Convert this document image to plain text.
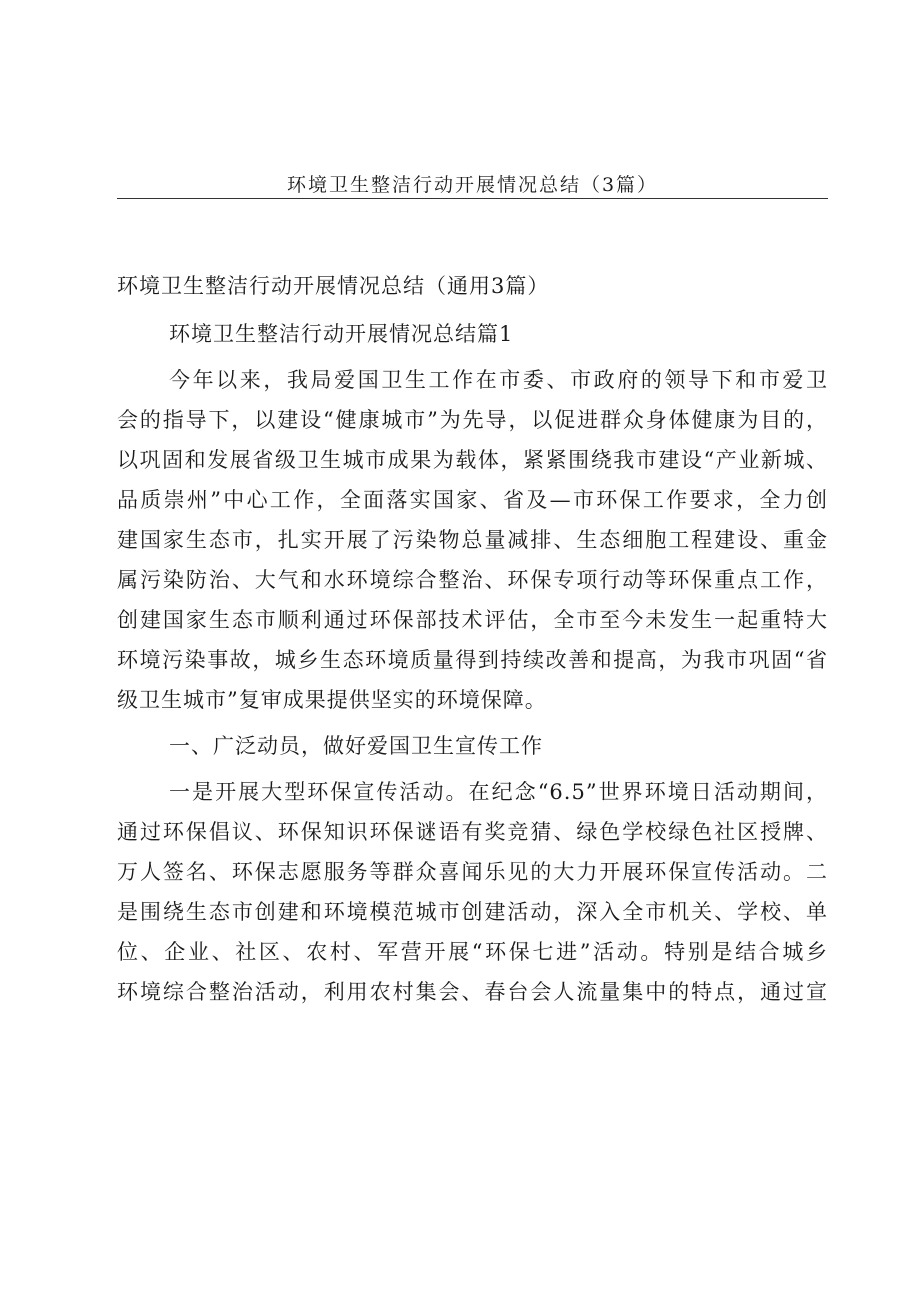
环境卫生整洁行动开展情况总结（3篇）
环境卫生整洁行动开展情况总结（通用3篇）
环境卫生整洁行动开展情况总结篇1
今年以来，我局爱国卫生工作在市委、市政府的领导下和市爱卫
会的指导下，以建设“健康城市”为先导，以促进群众身体健康为目的，
以巩固和发展省级卫生城市成果为载体，紧紧围绕我市建设“产业新城、
品质崇州”中心工作，全面落实国家、省及—市环保工作要求，全力创
建国家生态市，扎实开展了污染物总量减排、生态细胞工程建设、重金
属污染防治、大气和水环境综合整治、环保专项行动等环保重点工作，
创建国家生态市顺利通过环保部技术评估，全市至今未发生一起重特大
环境污染事故，城乡生态环境质量得到持续改善和提高，为我市巩固“省
级卫生城市”复审成果提供坚实的环境保障。
一、广泛动员，做好爱国卫生宣传工作
一是开展大型环保宣传活动。在纪念“6.5”世界环境日活动期间，
通过环保倡议、环保知识环保谜语有奖竞猜、绿色学校绿色社区授牌、
万人签名、环保志愿服务等群众喜闻乐见的大力开展环保宣传活动。二
是围绕生态市创建和环境模范城市创建活动，深入全市机关、学校、单
位、企业、社区、农村、军营开展“环保七进”活动。特别是结合城乡
环境综合整治活动，利用农村集会、春台会人流量集中的特点，通过宣
